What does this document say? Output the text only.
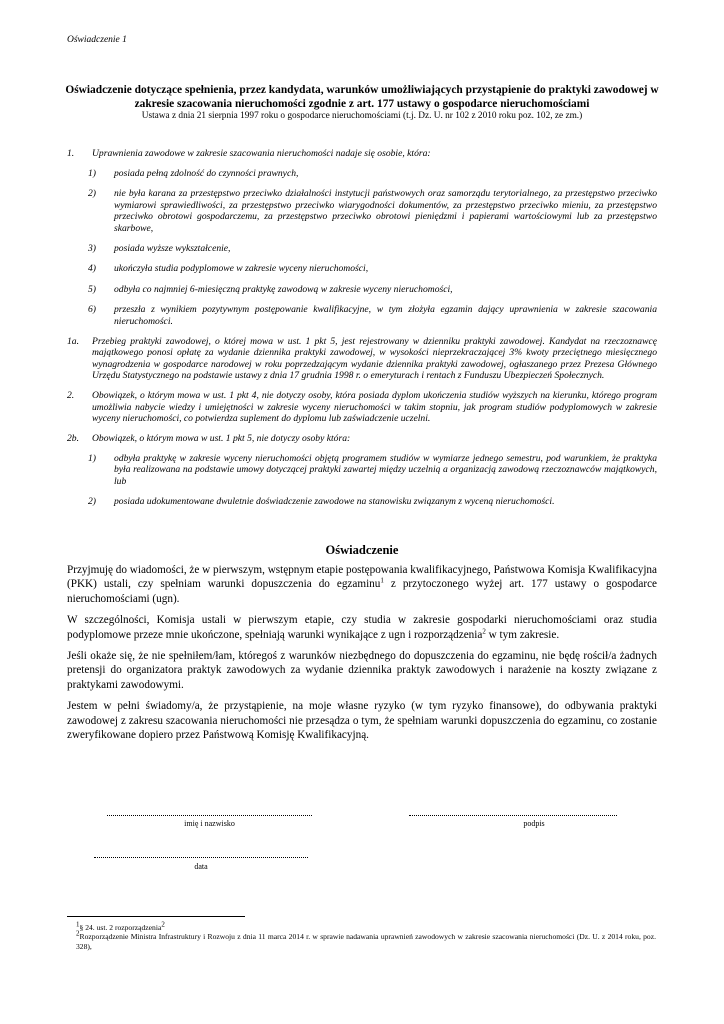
Oświadczenie 1
Oświadczenie dotyczące spełnienia, przez kandydata, warunków umożliwiających przystąpienie do praktyki zawodowej w zakresie szacowania nieruchomości zgodnie z art. 177 ustawy o gospodarce nieruchomościami
Ustawa z dnia 21 sierpnia 1997 roku o gospodarce nieruchomościami (t.j. Dz. U. nr 102 z 2010 roku poz. 102, ze zm.)
1.	Uprawnienia zawodowe w zakresie szacowania nieruchomości nadaje się osobie, która:
1)	posiada pełną zdolność do czynności prawnych,
2)	nie była karana za przestępstwo przeciwko działalności instytucji państwowych oraz samorządu terytorialnego, za przestępstwo przeciwko wymiarowi sprawiedliwości, za przestępstwo przeciwko wiarygodności dokumentów, za przestępstwo przeciwko mieniu, za przestępstwo przeciwko obrotowi gospodarczemu, za przestępstwo przeciwko obrotowi pieniędzmi i papierami wartościowymi lub za przestępstwo skarbowe,
3)	posiada wyższe wykształcenie,
4)	ukończyła studia podyplomowe w zakresie wyceny nieruchomości,
5)	odbyła co najmniej 6-miesięczną praktykę zawodową w zakresie wyceny nieruchomości,
6)	przeszła z wynikiem pozytywnym postępowanie kwalifikacyjne, w tym złożyła egzamin dający uprawnienia w zakresie szacowania nieruchomości.
1a.	Przebieg praktyki zawodowej, o której mowa w ust. 1 pkt 5, jest rejestrowany w dzienniku praktyki zawodowej. Kandydat na rzeczoznawcę majątkowego ponosi opłatę za wydanie dziennika praktyki zawodowej, w wysokości nieprzekraczającej 3% kwoty przeciętnego miesięcznego wynagrodzenia w gospodarce narodowej w roku poprzedzającym wydanie dziennika praktyki zawodowej, ogłaszanego przez Prezesa Głównego Urzędu Statystycznego na podstawie ustawy z dnia 17 grudnia 1998 r. o emeryturach i rentach z Funduszu Ubezpieczeń Społecznych.
2.	Obowiązek, o którym mowa w ust. 1 pkt 4, nie dotyczy osoby, która posiada dyplom ukończenia studiów wyższych na kierunku, którego program umożliwia nabycie wiedzy i umiejętności w zakresie wyceny nieruchomości w takim stopniu, jak program studiów podyplomowych w zakresie wyceny nieruchomości, co potwierdza suplement do dyplomu lub zaświadczenie uczelni.
2b.	Obowiązek, o którym mowa w ust. 1 pkt 5, nie dotyczy osoby która:
1)	odbyła praktykę w zakresie wyceny nieruchomości objętą programem studiów w wymiarze jednego semestru, pod warunkiem, że praktyka była realizowana na podstawie umowy dotyczącej praktyki zawartej między uczelnią a organizacją zawodową rzeczoznawców majątkowych, lub
2)	posiada udokumentowane dwuletnie doświadczenie zawodowe na stanowisku związanym z wyceną nieruchomości.
Oświadczenie

Przyjmuję do wiadomości, że w pierwszym, wstępnym etapie postępowania kwalifikacyjnego, Państwowa Komisja Kwalifikacyjna (PKK) ustali, czy spełniam warunki dopuszczenia do egzaminu$^1$ z przytoczonego wyżej art. 177 ustawy o gospodarce nieruchomościami (ugn).

W szczególności, Komisja ustali w pierwszym etapie, czy studia w zakresie gospodarki nieruchomościami oraz studia podyplomowe przeze mnie ukończone, spełniają warunki wynikające z ugn i rozporządzenia$^2$ w tym zakresie.

Jeśli okaże się, że nie spełniłem/łam, któregoś z warunków niezbędnego do dopuszczenia do egzaminu, nie będę rościł/a żadnych pretensji do organizatora praktyk zawodowych za wydanie dziennika praktyk zawodowych i narażenie na koszty związane z praktykami zawodowymi.

Jestem w pełni świadomy/a, że przystąpienie, na moje własne ryzyko (w tym ryzyko finansowe), do odbywania praktyki zawodowej z zakresu szacowania nieruchomości nie przesądza o tym, że spełniam warunki dopuszczenia do egzaminu, co zostanie zweryfikowane dopiero przez Państwową Komisję Kwalifikacyjną.

imię i nazwisko	podpis
data
$^1$§ 24. ust. 2 rozporządzenia$^2$
$^2$Rozporządzenie Ministra Infrastruktury i Rozwoju z dnia 11 marca 2014 r. w sprawie nadawania uprawnień zawodowych w zakresie szacowania nieruchomości (Dz. U. z 2014 roku, poz. 328),
